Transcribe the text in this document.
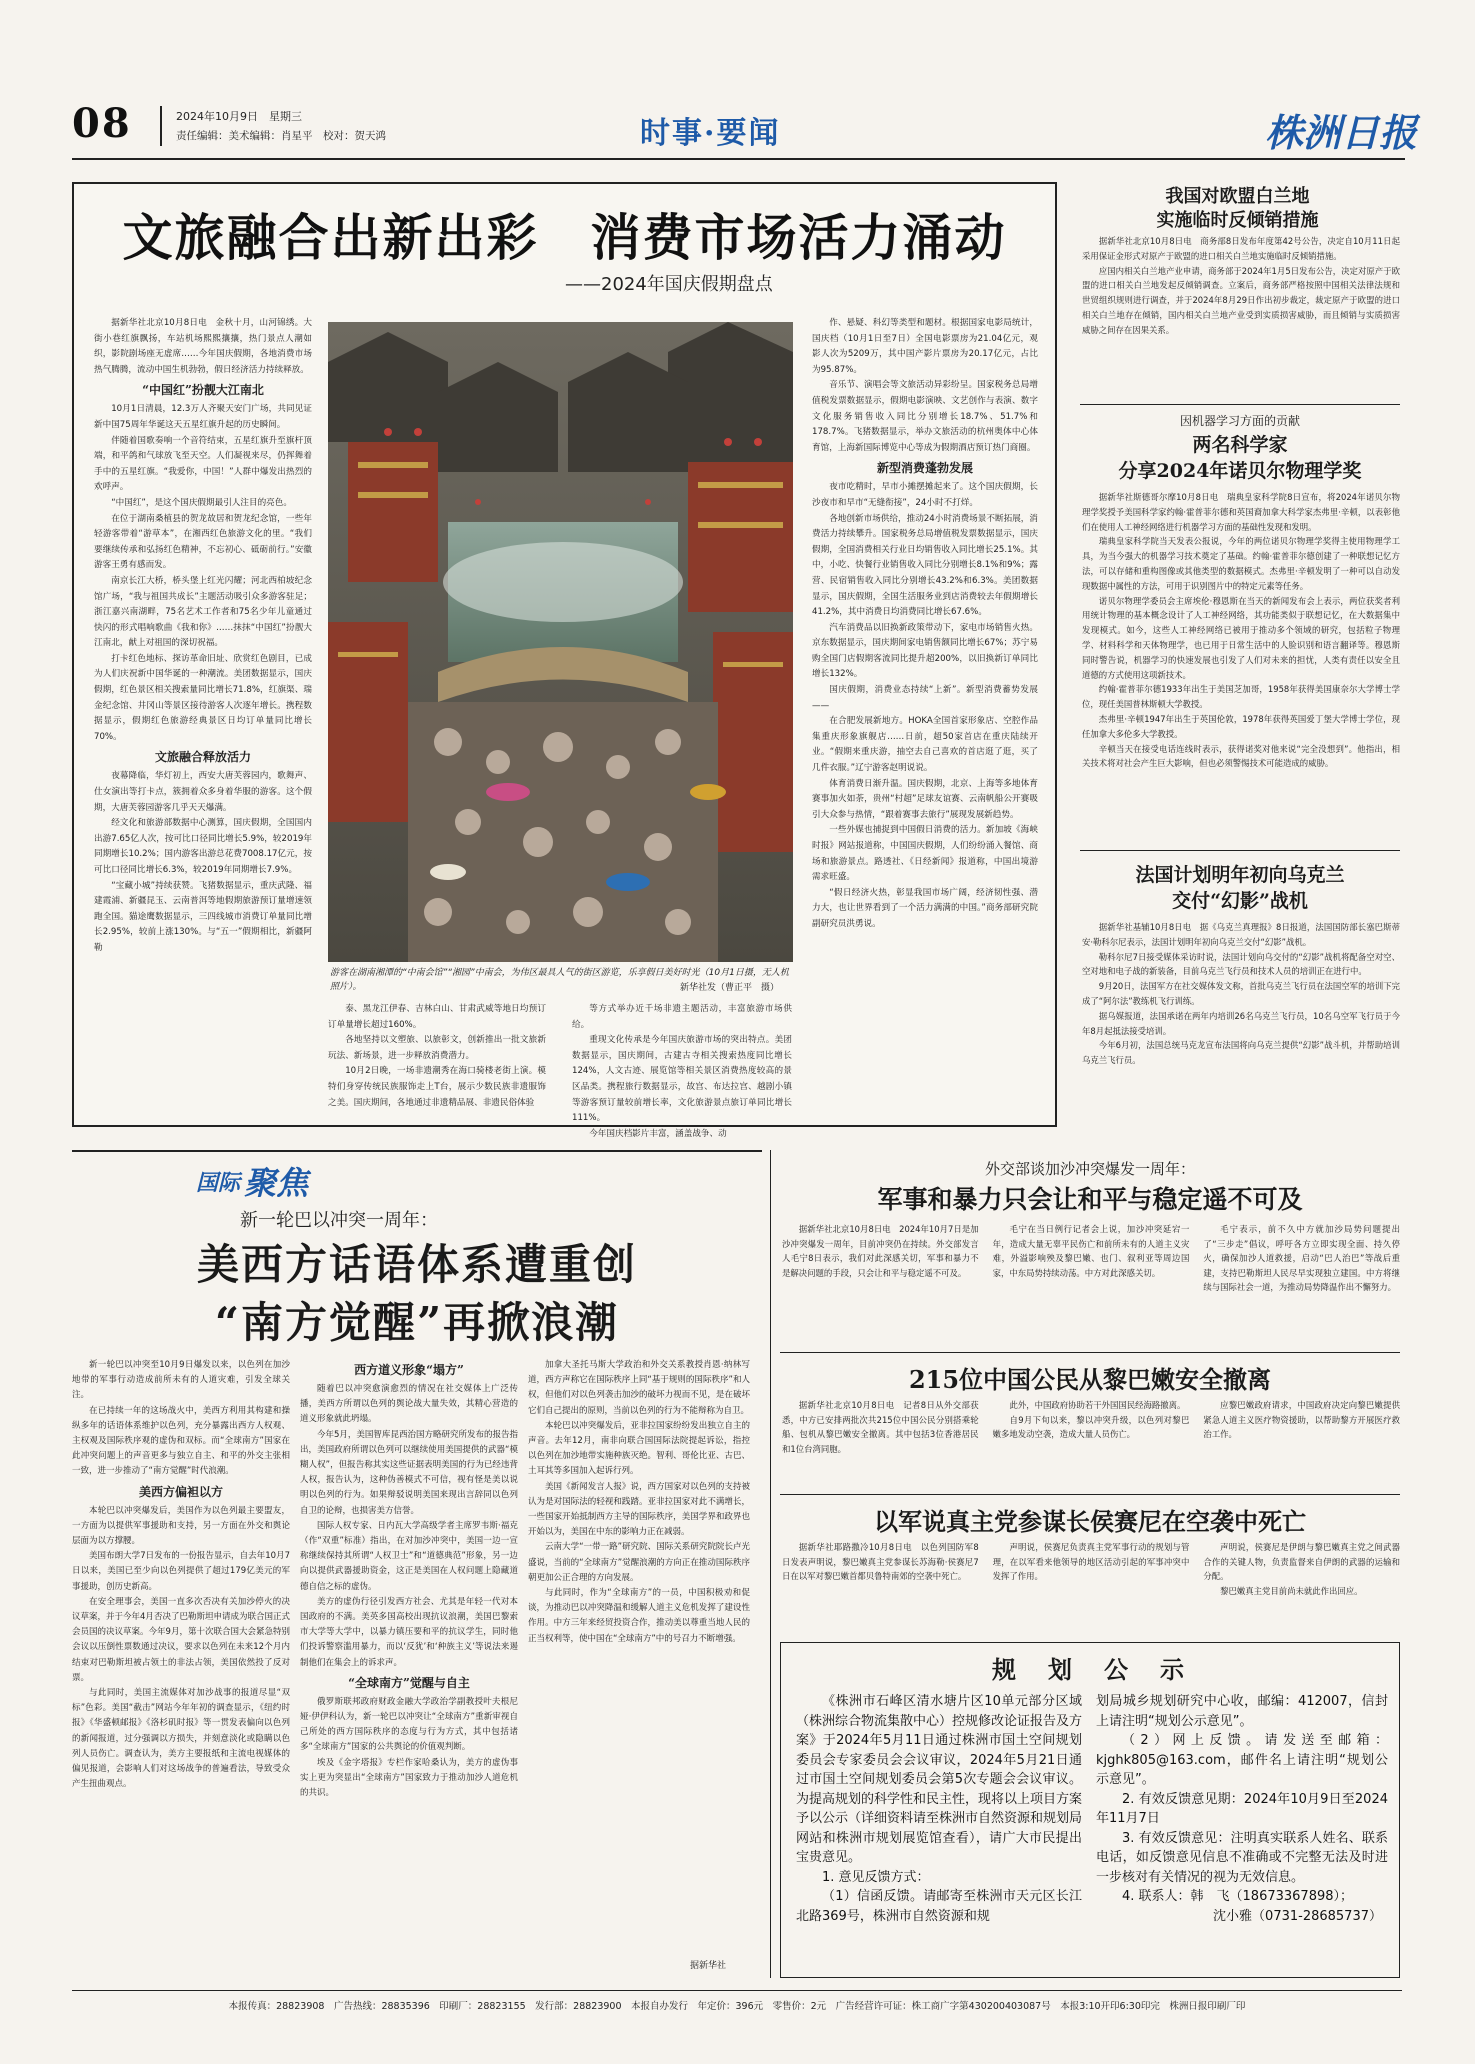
08	2024年10月9日　星期三
责任编辑：美术编辑：肖星平　校对：贺天鸿	时事·要闻	株洲日报
文旅融合出新出彩　消费市场活力涌动
——2024年国庆假期盘点

据新华社北京10月8日电　金秋十月，山河锦绣。大街小巷红旗飘扬，车站机场熙熙攘攘，热门景点人潮如织，影院剧场座无虚席……今年国庆假期，各地消费市场热气腾腾，流动中国生机勃勃，假日经济活力持续释放。

“中国红”扮靓大江南北

10月1日清晨，12.3万人齐聚天安门广场，共同见证新中国75周年华诞这天五星红旗升起的历史瞬间。

伴随着国歌奏响一个音符结束，五星红旗升至旗杆顶端，和平鸽和气球放飞至天空。人们凝视来尽，仍挥舞着手中的五星红旗。“我爱你，中国！”人群中爆发出热烈的欢呼声。

“中国红”，是这个国庆假期最引人注目的亮色。

在位于湖南桑植县的贺龙故居和贺龙纪念馆，一些年轻游客带着“游草本”，在湘西红色旅游文化的里。“我们要继续传承和弘扬红色精神，不忘初心、砥砺前行。”安徽游客王勇有感而发。

南京长江大桥，桥头堡上红光闪耀；河北西柏坡纪念馆广场，“我与祖国共成长”主题活动吸引众多游客驻足；浙江嘉兴南湖畔，75名艺术工作者和75名少年儿童通过快闪的形式唱响歌曲《我和你》……抹抹“中国红”扮靓大江南北，献上对祖国的深切祝福。

打卡红色地标、探访革命旧址、欣赏红色剧目，已成为人们庆祝新中国华诞的一种潮流。美团数据显示，国庆假期，红色景区相关搜索量同比增长71.8%，红旗渠、瑞金纪念馆、井冈山等景区接待游客人次逐年增长。携程数据显示，假期红色旅游经典景区日均订单量同比增长70%。

文旅融合释放活力

夜幕降临，华灯初上，西安大唐芙蓉园内，歌舞声、仕女演出等打卡点，簇拥着众多身着华服的游客。这个假期，大唐芙蓉园游客几乎天天爆满。

经文化和旅游部数据中心测算，国庆假期，全国国内出游7.65亿人次，按可比口径同比增长5.9%，较2019年同期增长10.2%；国内游客出游总花费7008.17亿元，按可比口径同比增长6.3%，较2019年同期增长7.9%。

“宝藏小城”持续获赞。飞猪数据显示，重庆武隆、福建霞浦、新疆昆玉、云南普洱等地假期旅游预订量增速领跑全国。猫途鹰数据显示，三四线城市消费订单量同比增长2.95%，较前上涨130%。与“五一”假期相比，新疆阿勒

游客在湖南湘潭的“中南会馆”“湘园”中南会，为伟区最具人气的街区游览，乐享假日美好时光（10月1日摄，无人机照片）。	新华社发（曹正平　摄）

泰、黑龙江伊春、吉林白山、甘肃武威等地日均预订订单量增长超过160%。

各地坚持以文塑旅、以旅彰文，创新推出一批文旅新玩法、新场景，进一步释放消费潜力。

10月2日晚，一场非遗潮秀在海口骑楼老街上演。模特们身穿传统民族服饰走上T台，展示少数民族非遗服饰之美。国庆期间，各地通过非遗精品展、非遗民俗体验

等方式举办近千场非遗主题活动，丰富旅游市场供给。

重现文化传承是今年国庆旅游市场的突出特点。美团数据显示，国庆期间，古建古寺相关搜索热度同比增长124%，人文古迹、展览馆等相关景区消费热度较高的景区品类。携程旅行数据显示，故宫、布达拉宫、越剧小镇等游客预订量较前增长率，文化旅游景点旅订单同比增长111%。

今年国庆档影片丰富，涵盖战争、动

作、悬疑、科幻等类型和题材。根据国家电影局统计，国庆档（10月1日至7日）全国电影票房为21.04亿元，观影人次为5209万，其中国产影片票房为20.17亿元，占比为95.87%。

音乐节、演唱会等文旅活动异彩纷呈。国家税务总局增值税发票数据显示，假期电影演映、文艺创作与表演、数字文化服务销售收入同比分别增长18.7%、51.7%和178.7%。飞猪数据显示，举办文旅活动的杭州奥体中心体育馆，上海新国际博览中心等成为假期酒店预订热门商圈。

新型消费蓬勃发展

夜市吃精时，早市小摊摆摊起来了。这个国庆假期，长沙夜市和早市“无缝衔接”，24小时不打烊。

各地创新市场供给，推动24小时消费场景不断拓展，消费活力持续攀升。国家税务总局增值税发票数据显示，国庆假期，全国消费相关行业日均销售收入同比增长25.1%。其中，小吃、快餐行业销售收入同比分别增长8.1%和9%；露营、民宿销售收入同比分别增长43.2%和6.3%。美团数据显示，国庆假期，全国生活服务业到店消费较去年假期增长41.2%，其中消费日均消费同比增长67.6%。

汽车消费品以旧换新政策带动下，家电市场销售火热。京东数据显示，国庆期间家电销售额同比增长67%；苏宁易购全国门店假期客流同比提升超200%，以旧换新订单同比增长132%。

国庆假期，消费业态持续“上新”。新型消费蓄势发展——

在合肥发展新地方。HOKA全国首家形象店、空腔作品集重庆形象旗舰店……日前，超50家首店在重庆陆续开业。“假期来重庆游，抽空去自己喜欢的首店逛了逛，买了几件衣服。”辽宁游客赵明说说。

体育消费日渐升温。国庆假期，北京、上海等多地体育赛事加火如荼，贵州“村超”足球友谊赛、云南帆船公开赛吸引大众参与热情，“跟着赛事去旅行”展现发展新趋势。

一些外媒也捕捉到中国假日消费的活力。新加坡《海峡时报》网站报道称，中国国庆假期，人们纷纷涌入餐馆、商场和旅游景点。路透社、《日经新闻》报道称，中国出境游需求旺盛。

“假日经济火热，彰显我国市场广阔，经济韧性强、潜力大，也让世界看到了一个活力满满的中国。”商务部研究院副研究员洪勇说。

我国对欧盟白兰地
实施临时反倾销措施

据新华社北京10月8日电　商务部8日发布年度第42号公告，决定自10月11日起采用保证金形式对原产于欧盟的进口相关白兰地实施临时反倾销措施。

应国内相关白兰地产业申请，商务部于2024年1月5日发布公告，决定对原产于欧盟的进口相关白兰地发起反倾销调查。立案后，商务部严格按照中国相关法律法规和世贸组织规则进行调查，并于2024年8月29日作出初步裁定，裁定原产于欧盟的进口相关白兰地存在倾销，国内相关白兰地产业受到实质损害威胁，而且倾销与实质损害威胁之间存在因果关系。

因机器学习方面的贡献
两名科学家
分享2024年诺贝尔物理学奖

据新华社斯德哥尔摩10月8日电　瑞典皇家科学院8日宣布，将2024年诺贝尔物理学奖授予美国科学家约翰·霍普菲尔德和英国裔加拿大科学家杰弗里·辛顿，以表彰他们在使用人工神经网络进行机器学习方面的基础性发现和发明。

瑞典皇家科学院当天发表公报说，今年的两位诺贝尔物理学奖得主使用物理学工具，为当今强大的机器学习技术奠定了基础。约翰·霍普菲尔德创建了一种联想记忆方法，可以存储和重构图像或其他类型的数据模式。杰弗里·辛顿发明了一种可以自动发现数据中属性的方法，可用于识别图片中的特定元素等任务。

诺贝尔物理学委员会主席埃伦·穆恩斯在当天的新闻发布会上表示，两位获奖者利用统计物理的基本概念设计了人工神经网络，其功能类似于联想记忆，在大数据集中发现模式。如今，这些人工神经网络已被用于推动多个领域的研究，包括粒子物理学、材料科学和天体物理学，也已用于日常生活中的人脸识别和语言翻译等。穆恩斯同时警告说，机器学习的快速发展也引发了人们对未来的担忧，人类有责任以安全且道德的方式使用这项新技术。

约翰·霍普菲尔德1933年出生于美国芝加哥，1958年获得美国康奈尔大学博士学位，现任美国普林斯顿大学教授。

杰弗里·辛顿1947年出生于英国伦敦，1978年获得英国爱丁堡大学博士学位，现任加拿大多伦多大学教授。

辛顿当天在接受电话连线时表示，获得诺奖对他来说“完全没想到”。他指出，相关技术将对社会产生巨大影响，但也必须警惕技术可能造成的威胁。

法国计划明年初向乌克兰
交付“幻影”战机

据新华社基辅10月8日电　据《乌克兰真理报》8日报道，法国国防部长塞巴斯蒂安·勒科尔尼表示，法国计划明年初向乌克兰交付“幻影”战机。

勒科尔尼7日接受媒体采访时说，法国计划向乌交付的“幻影”战机将配备空对空、空对地和电子战的新装备，目前乌克兰飞行员和技术人员的培训正在进行中。

9月20日，法国军方在社交媒体发文称，首批乌克兰飞行员在法国空军的培训下完成了“阿尔法”教练机飞行训练。

据乌媒报道，法国承诺在两年内培训26名乌克兰飞行员，10名乌空军飞行员于今年8月起抵法接受培训。

今年6月初，法国总统马克龙宣布法国将向乌克兰提供“幻影”战斗机，并帮助培训乌克兰飞行员。

国际 聚焦
新一轮巴以冲突一周年：
美西方话语体系遭重创
“南方觉醒”再掀浪潮

新一轮巴以冲突至10月9日爆发以来，以色列在加沙地带的军事行动造成前所未有的人道灾难，引发全球关注。

在已持续一年的这场战火中，美西方利用其构建和操纵多年的话语体系维护以色列，充分暴露出西方人权观、主权观及国际秩序观的虚伪和双标。而“全球南方”国家在此冲突问题上的声音更多与独立自主、和平的外交主张相一致，进一步推动了“南方觉醒”时代浪潮。

美西方偏袒以方

本轮巴以冲突爆发后，美国作为以色列最主要盟友，一方面为以提供军事援助和支持，另一方面在外交和舆论层面为以方撑腰。

美国布朗大学7日发布的一份报告显示，自去年10月7日以来，美国已至少向以色列提供了超过179亿美元的军事援助，创历史新高。

在安全理事会，美国一直多次否决有关加沙停火的决议草案，并于今年4月否决了巴勒斯坦申请成为联合国正式会员国的决议草案。今年9月，第十次联合国大会紧急特别会议以压倒性票数通过决议，要求以色列在未来12个月内结束对巴勒斯坦被占领土的非法占领，美国依然投了反对票。

与此同时，美国主流媒体对加沙战事的报道尽显“双标”色彩。美国“截击”网站今年年初的调查显示，《纽约时报》《华盛顿邮报》《洛杉矶时报》等一贯发表偏向以色列的新闻报道，过分强调以方损失，并刻意淡化或隐瞒以色列人员伤亡。调查认为，美方主要报纸和主流电视媒体的偏见报道，会影响人们对这场战争的普遍看法，导致受众产生扭曲观点。

西方道义形象“塌方”

随着巴以冲突愈演愈烈的情况在社交媒体上广泛传播，美西方所谓以色列的舆论战大量失效，其精心营造的道义形象就此坍塌。

今年5月，美国智库昆西治国方略研究所发布的报告指出，美国政府所谓以色列可以继续使用美国提供的武器“模糊人权”，但报告称其实这些证据表明美国的行为已经违背人权，报告认为，这种伪善模式不可信，视有怪是美以说明以色列的行为。如果辩驳说明美国来现出言辞同以色列自卫的论辩，也损害美方信誉。

国际人权专家、日内瓦大学高级学者主席罗韦斯·福克（作“双重”标准）指出，在对加沙冲突中，美国一边一宣称继续保持其所谓“人权卫士”和“道德典范”形象，另一边向以提供武器援助资金，这正是美国在人权问题上隐藏道德自信之标的虚伪。

美方的虚伪行径引发西方社会、尤其是年轻一代对本国政府的不满。美英多国高校出现抗议浪潮，美国巴黎索市大学等大学中，以暴力镇压要和平的抗议学生，同时他们投诉警察滥用暴力，而以‘反犹’和‘种族主义’等说法来遏制他们在集会上的诉求声。

“全球南方”觉醒与自主

俄罗斯联邦政府财政金融大学政治学副教授叶夫根尼娅·伊伊科认为，新一轮巴以冲突让“全球南方”重新审视自己所处的西方国际秩序的态度与行为方式，其中包括诸多“全球南方”国家的公共舆论的价值观判断。

埃及《金字塔报》专栏作家哈桑认为，美方的虚伪事实上更为突显出“全球南方”国家致力于推动加沙人道危机的共识。

加拿大圣托马斯大学政治和外交关系教授肖恩·纳林写道，西方声称它在国际秩序上同“基于规则的国际秩序”和人权，但他们对以色列袭击加沙的破坏力视而不见，是在破坏它们自己提出的原则，当前以色列的行为不能辩称为自卫。

本轮巴以冲突爆发后，亚非拉国家纷纷发出独立自主的声音。去年12月，南非向联合国国际法院提起诉讼，指控以色列在加沙地带实施种族灭绝。智利、哥伦比亚、古巴、土耳其等多国加入起诉行列。

美国《新闻发言人报》说，西方国家对以色列的支持被认为是对国际法的轻视和践踏。亚非拉国家对此不满增长，一些国家开始抵制西方主导的国际秩序，美国学界和政界也开始以为，美国在中东的影响力正在减弱。

云南大学“一带一路”研究院、国际关系研究院院长卢光盛说，当前的“全球南方”觉醒浪潮的方向正在推动国际秩序朝更加公正合理的方向发展。

与此同时，作为“全球南方”的一员，中国积极劝和促谈，为推动巴以冲突降温和缓解人道主义危机发挥了建设性作用。中方三年来经贸投资合作，推动美以尊重当地人民的正当权利等，使中国在“全球南方”中的号召力不断增强。

据新华社
外交部谈加沙冲突爆发一周年：
军事和暴力只会让和平与稳定遥不可及

据新华社北京10月8日电　2024年10月7日是加沙冲突爆发一周年，目前冲突仍在持续。外交部发言人毛宁8日表示，我们对此深感关切，军事和暴力不是解决问题的手段，只会让和平与稳定遥不可及。

毛宁在当日例行记者会上说，加沙冲突延宕一年，造成大量无辜平民伤亡和前所未有的人道主义灾难，外溢影响殃及黎巴嫩、也门、叙利亚等周边国家，中东局势持续动荡。中方对此深感关切。

毛宁表示，前不久中方就加沙局势问题提出了“三步走”倡议，呼吁各方立即实现全面、持久停火，确保加沙人道救援，启动“巴人治巴”等战后重建，支持巴勒斯坦人民尽早实现独立建国。中方将继续与国际社会一道，为推动局势降温作出不懈努力。

215位中国公民从黎巴嫩安全撤离

据新华社北京10月8日电　记者8日从外交部获悉，中方已安排两批次共215位中国公民分别搭乘轮船、包机从黎巴嫩安全撤离。其中包括3位香港居民和1位台湾同胞。

此外，中国政府协助若干外国国民经海路撤离。

自9月下旬以来，黎以冲突升级，以色列对黎巴嫩多地发动空袭，造成大量人员伤亡。

应黎巴嫩政府请求，中国政府决定向黎巴嫩提供紧急人道主义医疗物资援助，以帮助黎方开展医疗救治工作。

以军说真主党参谋长侯赛尼在空袭中死亡

据新华社耶路撒冷10月8日电　以色列国防军8日发表声明说，黎巴嫩真主党参谋长苏海勒·侯赛尼7日在以军对黎巴嫩首都贝鲁特南郊的空袭中死亡。

声明说，侯赛尼负责真主党军事行动的规划与管理，在以军看来他领导的地区活动引起的军事冲突中发挥了作用。

声明说，侯赛尼是伊朗与黎巴嫩真主党之间武器合作的关键人物，负责监督来自伊朗的武器的运输和分配。

黎巴嫩真主党目前尚未就此作出回应。

规　划　公　示

《株洲市石峰区清水塘片区10单元部分区域（株洲综合物流集散中心）控规修改论证报告及方案》于2024年5月11日通过株洲市国土空间规划委员会专家委员会会议审议，2024年5月21日通过市国土空间规划委员会第5次专题会会议审议。为提高规划的科学性和民主性，现将以上项目方案予以公示（详细资料请至株洲市自然资源和规划局网站和株洲市规划展览馆查看），请广大市民提出宝贵意见。

1. 意见反馈方式：

（1）信函反馈。请邮寄至株洲市天元区长江北路369号，株洲市自然资源和规

划局城乡规划研究中心收，邮编：412007，信封上请注明“规划公示意见”。

（2）网上反馈。请发送至邮箱：kjghk805@163.com，邮件名上请注明“规划公示意见”。

2. 有效反馈意见期：2024年10月9日至2024年11月7日

3. 有效反馈意见：注明真实联系人姓名、联系电话，如反馈意见信息不准确或不完整无法及时进一步核对有关情况的视为无效信息。

4. 联系人：韩　飞（18673367898）；

沈小雅（0731-28685737）

本报传真：28823908　广告热线：28835396　印刷厂：28823155　发行部：28823900　本报自办发行　年定价：396元　零售价：2元　广告经营许可证：株工商广字第430200403087号　本报3:10开印6:30印完　株洲日报印刷厂印
